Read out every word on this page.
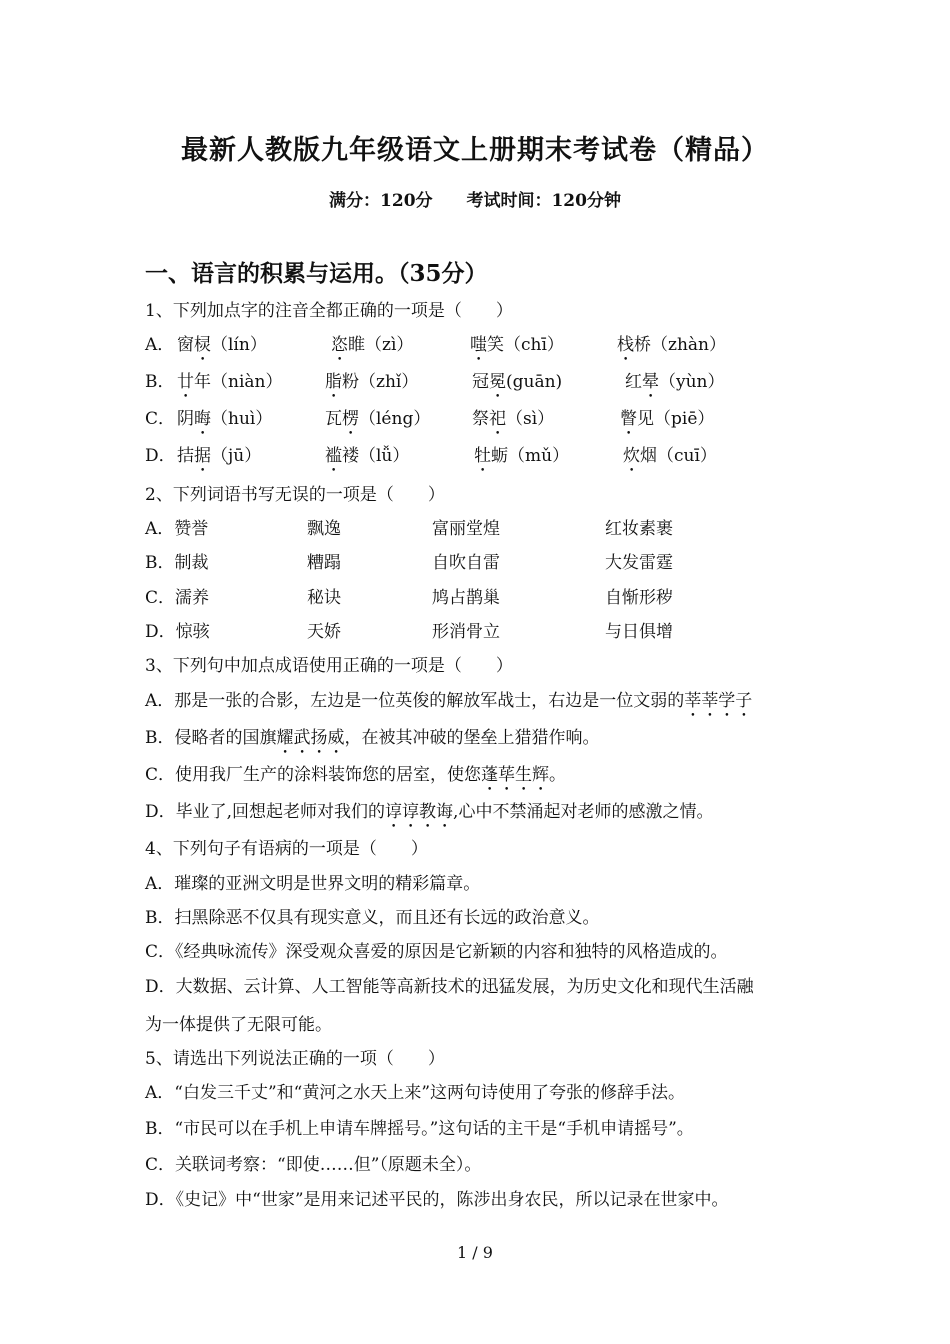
最新人教版九年级语文上册期末考试卷（精品）
满分：120分 考试时间：120分钟
一、语言的积累与运用。（35分）
1、下列加点字的注音全都正确的一项是（　　）
A． 窗棂（lín）	恣睢（zì）	嗤笑（chī）	栈桥（zhàn）
B． 廿年（niàn）	脂粉（zhǐ）	冠冕(guān)	红晕（yùn）
C． 阴晦（huì）	瓦楞（léng） 祭祀（sì）	瞥见（piē）
D． 拮据（jū）	褴褛（lǚ）	牡蛎（mǔ）	炊烟（cuī）
2、下列词语书写无误的一项是（　　）
A．赞誉	飘逸	富丽堂煌	红妆素裹
B．制裁	糟蹋	自吹自雷	大发雷霆
C．濡养	秘诀	鸠占鹊巢	自惭形秽
D．惊骇	天娇	形消骨立	与日俱增
3、下列句中加点成语使用正确的一项是（　　）
A．那是一张的合影，左边是一位英俊的解放军战士，右边是一位文弱的莘莘学子
B．侵略者的国旗耀武扬威，在被其冲破的堡垒上猎猎作响。
C．使用我厂生产的涂料装饰您的居室，使您蓬荜生辉。
D．毕业了,回想起老师对我们的谆谆教诲,心中不禁涌起对老师的感激之情。
4、下列句子有语病的一项是（　　）
A．璀璨的亚洲文明是世界文明的精彩篇章。
B．扫黑除恶不仅具有现实意义，而且还有长远的政治意义。
C．《经典咏流传》深受观众喜爱的原因是它新颖的内容和独特的风格造成的。
D．大数据、云计算、人工智能等高新技术的迅猛发展，为历史文化和现代生活融
为一体提供了无限可能。
5、请选出下列说法正确的一项（　　）
A．“白发三千丈”和“黄河之水天上来”这两句诗使用了夸张的修辞手法。
B．“市民可以在手机上申请车牌摇号。”这句话的主干是“手机申请摇号”。
C．关联词考察：“即使……但”（原题未全）。
D．《史记》中“世家”是用来记述平民的，陈涉出身农民，所以记录在世家中。
1 / 9
